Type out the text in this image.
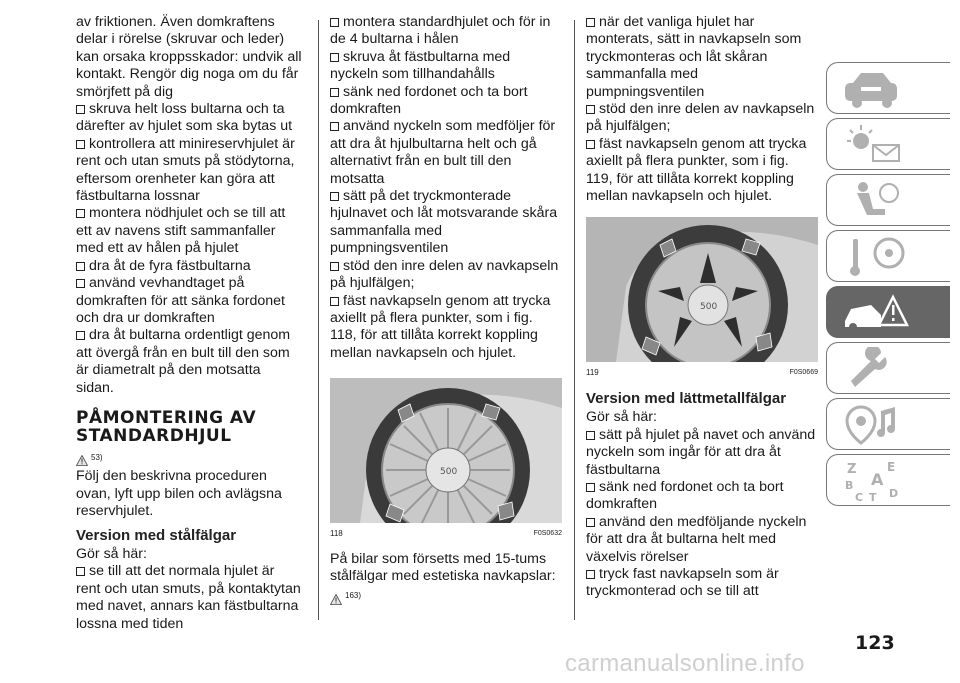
av friktionen. Även domkraftens delar i rörelse (skruvar och leder) kan orsaka kroppsskador: undvik all kontakt. Rengör dig noga om du får smörjfett på dig

skruva helt loss bultarna och ta därefter av hjulet som ska bytas ut

kontrollera att minireservhjulet är rent och utan smuts på stödytorna, eftersom orenheter kan göra att fästbultarna lossnar

montera nödhjulet och se till att ett av navens stift sammanfaller med ett av hålen på hjulet

dra åt de fyra fästbultarna

använd vevhandtaget på domkraften för att sänka fordonet och dra ur domkraften

dra åt bultarna ordentligt genom att övergå från en bult till den som är diametralt på den motsatta sidan.

PÅMONTERING AV STANDARDHJUL
53)

Följ den beskrivna proceduren ovan, lyft upp bilen och avlägsna reservhjulet.

Version med stålfälgar

Gör så här:

se till att det normala hjulet är rent och utan smuts, på kontaktytan med navet, annars kan fästbultarna lossna med tiden

montera standardhjulet och för in de 4 bultarna i hålen

skruva åt fästbultarna med nyckeln som tillhandahålls

sänk ned fordonet och ta bort domkraften

använd nyckeln som medföljer för att dra åt hjulbultarna helt och gå alternativt från en bult till den motsatta

sätt på det tryckmonterade hjulnavet och låt motsvarande skåra sammanfalla med pumpningsventilen

stöd den inre delen av navkapseln på hjulfälgen;

fäst navkapseln genom att trycka axiellt på flera punkter, som i fig. 118, för att tillåta korrekt koppling mellan navkapseln och hjulet.

500
118	F0S0632

På bilar som försetts med 15-tums stålfälgar med estetiska navkapslar:

163)

när det vanliga hjulet har monterats, sätt in navkapseln som tryckmonteras och låt skåran sammanfalla med pumpningsventilen

stöd den inre delen av navkapseln på hjulfälgen;

fäst navkapseln genom att trycka axiellt på flera punkter, som i fig. 119, för att tillåta korrekt koppling mellan navkapseln och hjulet.

500
119	F0S0669
Version med lättmetallfälgar

Gör så här:

sätt på hjulet på navet och använd nyckeln som ingår för att dra åt fästbultarna

sänk ned fordonet och ta bort domkraften

använd den medföljande nyckeln för att dra åt bultarna helt med växelvis rörelser

tryck fast navkapseln som är tryckmonterad och se till att

Z	E
A
B
C T D
123
carmanualsonline.info
